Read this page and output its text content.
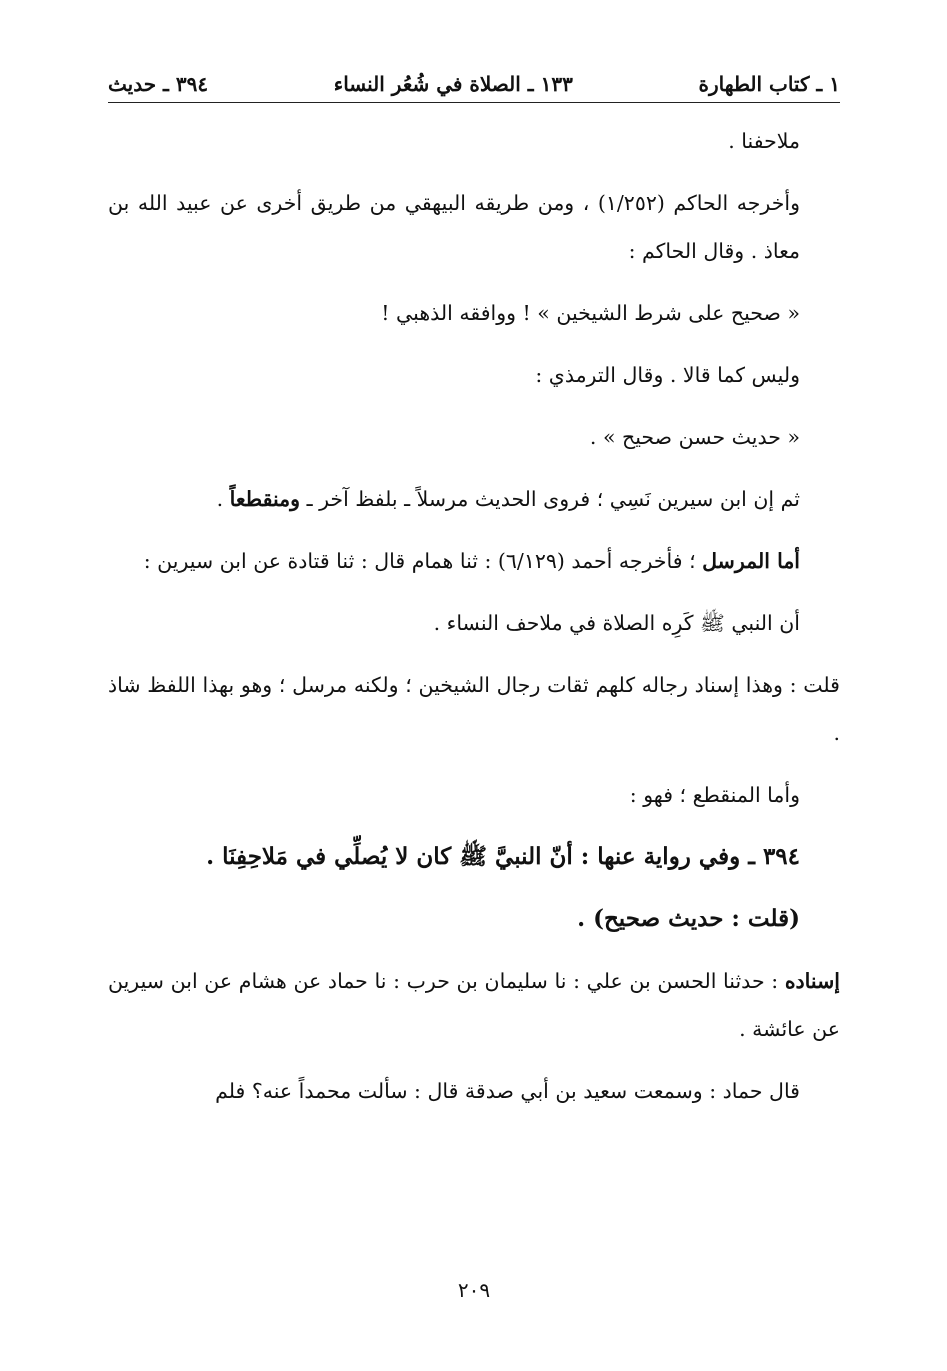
١ ـ كتاب الطهارة
١٣٣ ـ الصلاة في شُعُر النساء
٣٩٤ ـ حديث

ملاحفنا .

وأخرجه الحاكم (١/٢٥٢) ، ومن طريقه البيهقي من طريق أخرى عن عبيد الله بن معاذ . وقال الحاكم :

« صحيح على شرط الشيخين » ! ووافقه الذهبي !

وليس كما قالا . وقال الترمذي :

« حديث حسن صحيح » .

ثم إن ابن سيرين نَسِي ؛ فروى الحديث مرسلاً ـ بلفظ آخر ـ ومنقطعاً .

أما المرسل ؛ فأخرجه أحمد (٦/١٢٩) : ثنا همام قال : ثنا قتادة عن ابن سيرين :

أن النبي ﷺ كَرِه الصلاة في ملاحف النساء .

قلت : وهذا إسناد رجاله كلهم ثقات رجال الشيخين ؛ ولكنه مرسل ؛ وهو بهذا اللفظ شاذ .

وأما المنقطع ؛ فهو :

٣٩٤ ـ وفي رواية عنها : أنّ النبيَّ ﷺ كان لا يُصلِّي في مَلاحِفِنَا .

(قلت : حديث صحيح) .

إسناده : حدثنا الحسن بن علي : نا سليمان بن حرب : نا حماد عن هشام عن ابن سيرين عن عائشة .

قال حماد : وسمعت سعيد بن أبي صدقة قال : سألت محمداً عنه؟ فلم

٢٠٩
